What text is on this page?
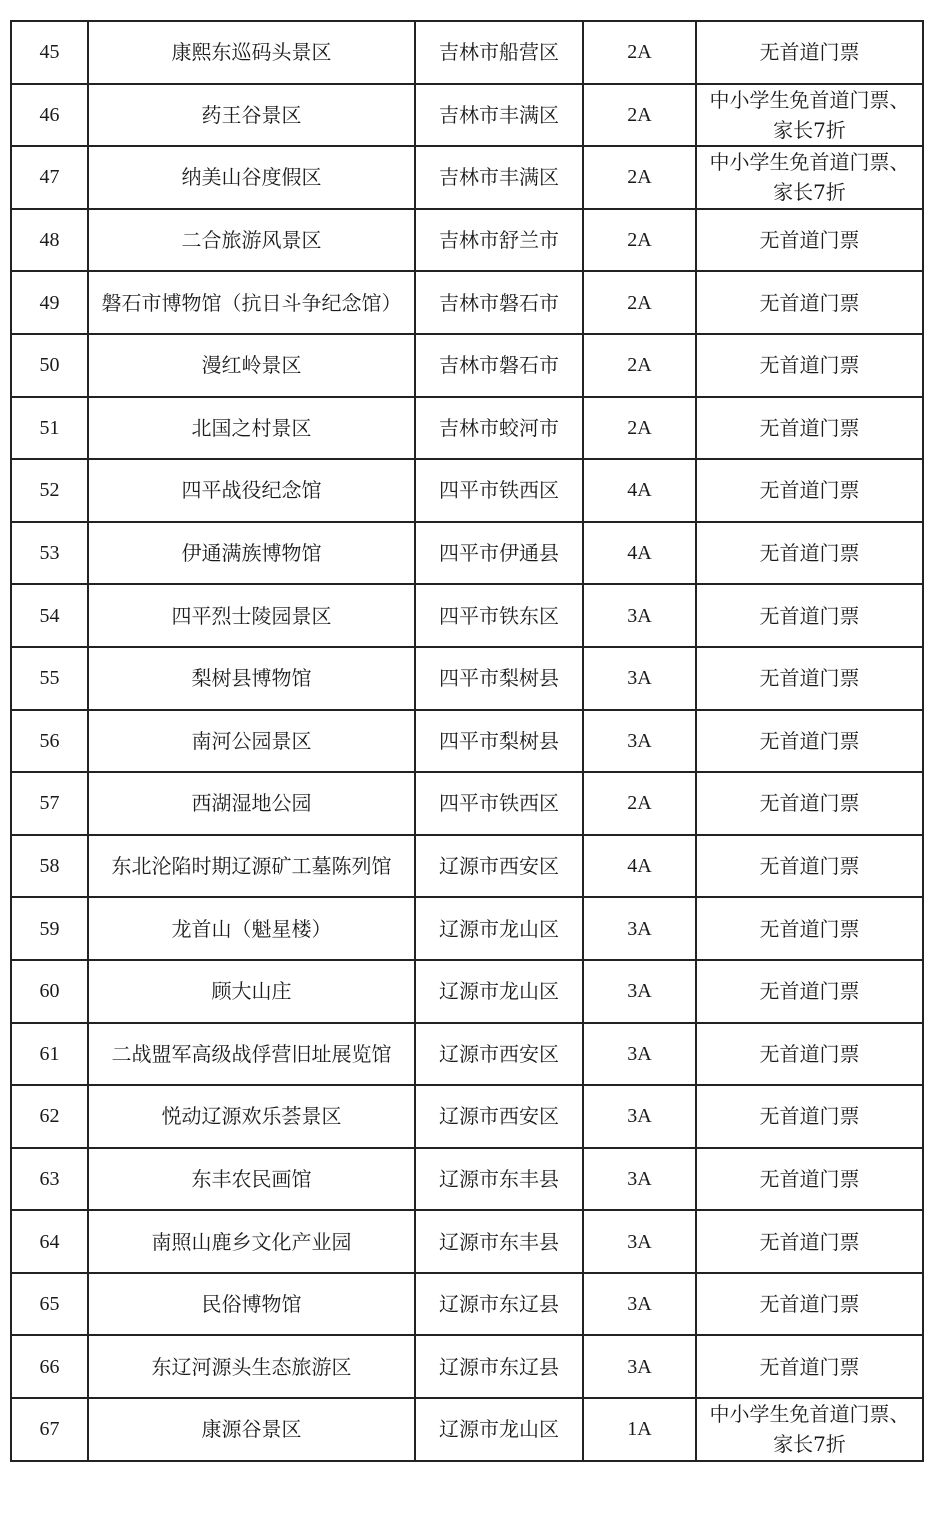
45	康熙东巡码头景区	吉林市船营区	2A	无首道门票
46	药王谷景区	吉林市丰满区	2A	中小学生免首道门票、家长7折
47	纳美山谷度假区	吉林市丰满区	2A	中小学生免首道门票、家长7折
48	二合旅游风景区	吉林市舒兰市	2A	无首道门票
49	磐石市博物馆（抗日斗争纪念馆）	吉林市磐石市	2A	无首道门票
50	漫红岭景区	吉林市磐石市	2A	无首道门票
51	北国之村景区	吉林市蛟河市	2A	无首道门票
52	四平战役纪念馆	四平市铁西区	4A	无首道门票
53	伊通满族博物馆	四平市伊通县	4A	无首道门票
54	四平烈士陵园景区	四平市铁东区	3A	无首道门票
55	梨树县博物馆	四平市梨树县	3A	无首道门票
56	南河公园景区	四平市梨树县	3A	无首道门票
57	西湖湿地公园	四平市铁西区	2A	无首道门票
58	东北沦陷时期辽源矿工墓陈列馆	辽源市西安区	4A	无首道门票
59	龙首山（魁星楼）	辽源市龙山区	3A	无首道门票
60	顾大山庄	辽源市龙山区	3A	无首道门票
61	二战盟军高级战俘营旧址展览馆	辽源市西安区	3A	无首道门票
62	悦动辽源欢乐荟景区	辽源市西安区	3A	无首道门票
63	东丰农民画馆	辽源市东丰县	3A	无首道门票
64	南照山鹿乡文化产业园	辽源市东丰县	3A	无首道门票
65	民俗博物馆	辽源市东辽县	3A	无首道门票
66	东辽河源头生态旅游区	辽源市东辽县	3A	无首道门票
67	康源谷景区	辽源市龙山区	1A	中小学生免首道门票、家长7折
